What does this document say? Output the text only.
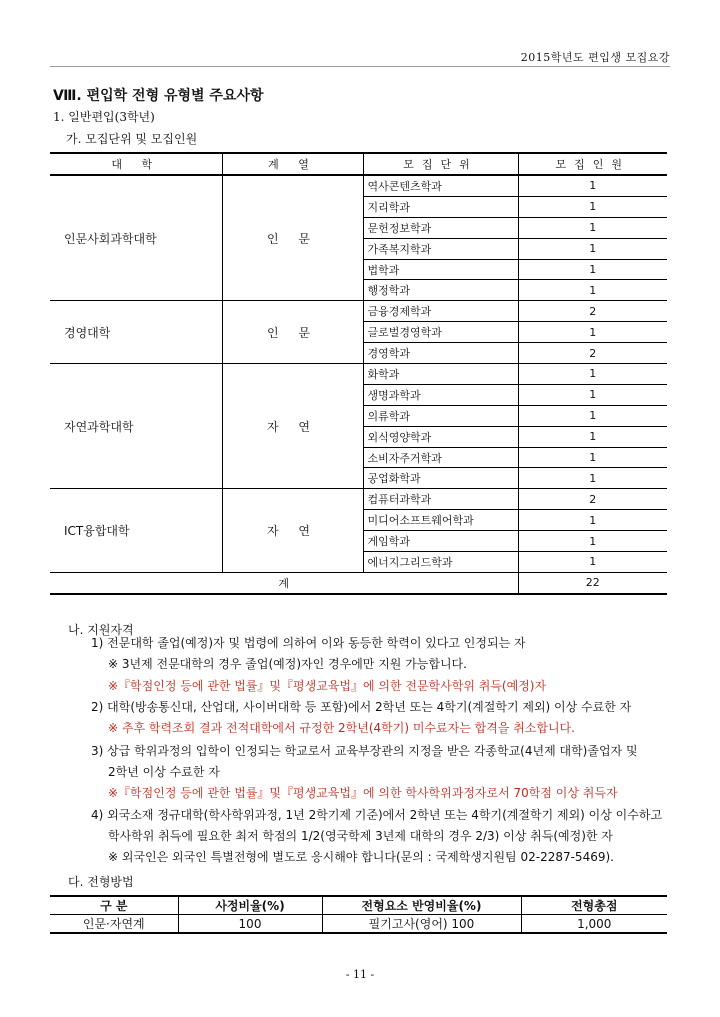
2015학년도 편입생 모집요강
Ⅷ. 편입학 전형 유형별 주요사항
1. 일반편입(3학년)
가. 모집단위 및 모집인원
대 학	계 열	모집단위	모집인원
인문사회과학대학	인 문	역사콘텐츠학과	1
		지리학과	1
		문헌정보학과	1
		가족복지학과	1
		법학과	1
		행정학과	1
경영대학	인 문	금융경제학과	2
		글로벌경영학과	1
		경영학과	2
자연과학대학	자 연	화학과	1
		생명과학과	1
		의류학과	1
		외식영양학과	1
		소비자주거학과	1
		공업화학과	1
ICT융합대학	자 연	컴퓨터과학과	2
		미디어소프트웨어학과	1
		게임학과	1
		에너지그리드학과	1
계			22
나. 지원자격
1) 전문대학 졸업(예정)자 및 법령에 의하여 이와 동등한 학력이 있다고 인정되는 자
※ 3년제 전문대학의 경우 졸업(예정)자인 경우에만 지원 가능합니다.
※『학점인정 등에 관한 법률』및『평생교육법』에 의한 전문학사학위 취득(예정)자
2) 대학(방송통신대, 산업대, 사이버대학 등 포함)에서 2학년 또는 4학기(계절학기 제외) 이상 수료한 자
※ 추후 학력조회 결과 전적대학에서 규정한 2학년(4학기) 미수료자는 합격을 취소합니다.
3) 상급 학위과정의 입학이 인정되는 학교로서 교육부장관의 지정을 받은 각종학교(4년제 대학)졸업자 및
2학년 이상 수료한 자
※『학점인정 등에 관한 법률』및『평생교육법』에 의한 학사학위과정자로서 70학점 이상 취득자
4) 외국소재 정규대학(학사학위과정, 1년 2학기제 기준)에서 2학년 또는 4학기(계절학기 제외) 이상 이수하고
학사학위 취득에 필요한 최저 학점의 1/2(영국학제 3년제 대학의 경우 2/3) 이상 취득(예정)한 자
※ 외국인은 외국인 특별전형에 별도로 응시해야 합니다(문의 : 국제학생지원팀 02-2287-5469).
다. 전형방법
구 분	사정비율(%)	전형요소 반영비율(%)	전형총점
인문·자연계	100	필기고사(영어) 100	1,000
- 11 -
